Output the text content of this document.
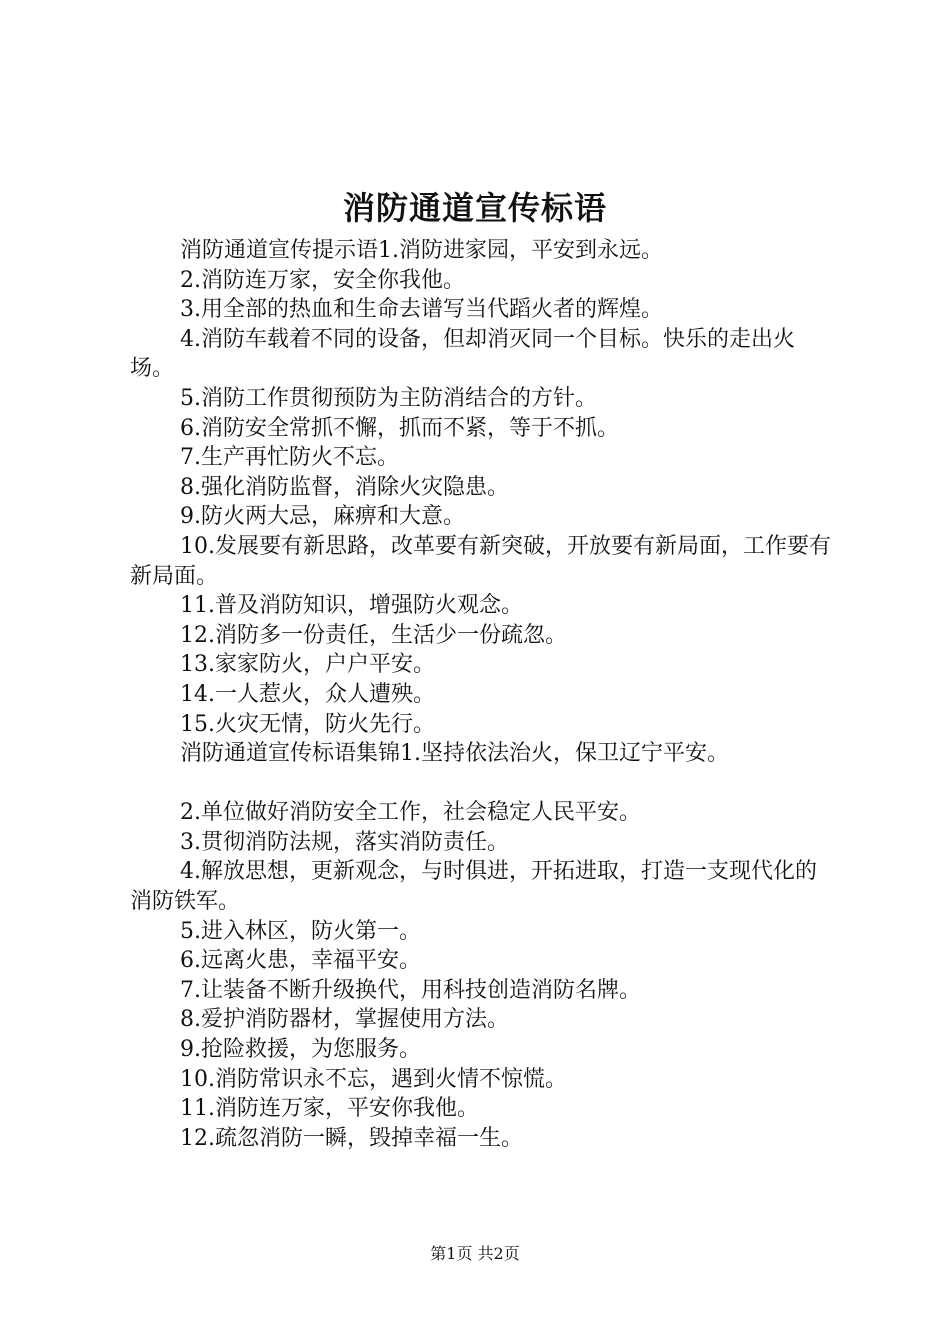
消防通道宣传标语

消防通道宣传提示语1.消防进家园，平安到永远。

2.消防连万家，安全你我他。

3.用全部的热血和生命去谱写当代蹈火者的辉煌。

4.消防车载着不同的设备，但却消灭同一个目标。快乐的走出火场。

5.消防工作贯彻预防为主防消结合的方针。

6.消防安全常抓不懈，抓而不紧，等于不抓。

7.生产再忙防火不忘。

8.强化消防监督，消除火灾隐患。

9.防火两大忌，麻痹和大意。

10.发展要有新思路，改革要有新突破，开放要有新局面，工作要有新局面。

11.普及消防知识，增强防火观念。

12.消防多一份责任，生活少一份疏忽。

13.家家防火，户户平安。

14.一人惹火，众人遭殃。

15.火灾无情，防火先行。

消防通道宣传标语集锦1.坚持依法治火，保卫辽宁平安。

2.单位做好消防安全工作，社会稳定人民平安。

3.贯彻消防法规，落实消防责任。

4.解放思想，更新观念，与时俱进，开拓进取，打造一支现代化的消防铁军。

5.进入林区，防火第一。

6.远离火患，幸福平安。

7.让装备不断升级换代，用科技创造消防名牌。

8.爱护消防器材，掌握使用方法。

9.抢险救援，为您服务。

10.消防常识永不忘，遇到火情不惊慌。

11.消防连万家，平安你我他。

12.疏忽消防一瞬，毁掉幸福一生。

第1页 共2页
